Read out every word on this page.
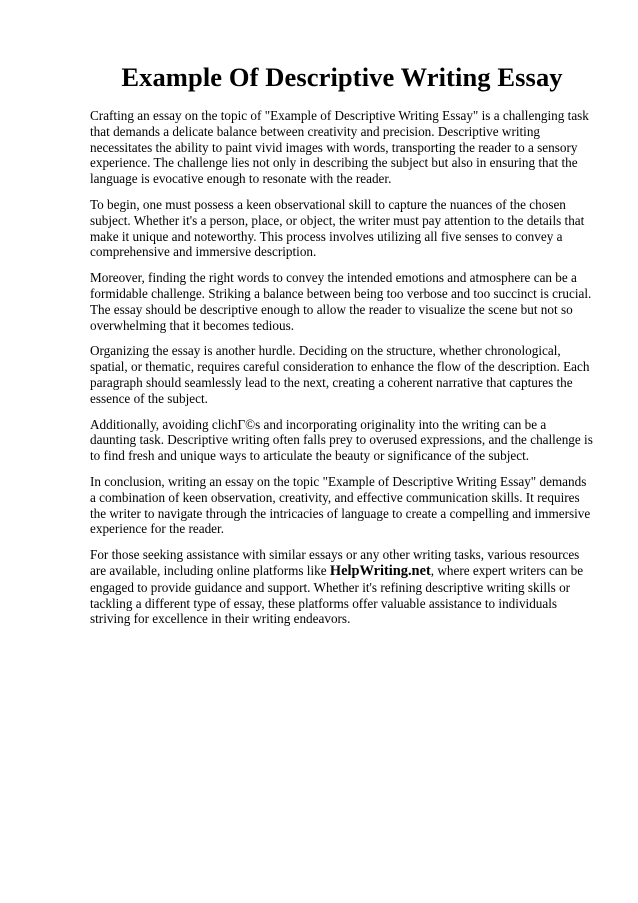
Example Of Descriptive Writing Essay

Crafting an essay on the topic of "Example of Descriptive Writing Essay" is a challenging task that demands a delicate balance between creativity and precision. Descriptive writing necessitates the ability to paint vivid images with words, transporting the reader to a sensory experience. The challenge lies not only in describing the subject but also in ensuring that the language is evocative enough to resonate with the reader.

To begin, one must possess a keen observational skill to capture the nuances of the chosen subject. Whether it's a person, place, or object, the writer must pay attention to the details that make it unique and noteworthy. This process involves utilizing all five senses to convey a comprehensive and immersive description.

Moreover, finding the right words to convey the intended emotions and atmosphere can be a formidable challenge. Striking a balance between being too verbose and too succinct is crucial. The essay should be descriptive enough to allow the reader to visualize the scene but not so overwhelming that it becomes tedious.

Organizing the essay is another hurdle. Deciding on the structure, whether chronological, spatial, or thematic, requires careful consideration to enhance the flow of the description. Each paragraph should seamlessly lead to the next, creating a coherent narrative that captures the essence of the subject.

Additionally, avoiding clichΓ©s and incorporating originality into the writing can be a daunting task. Descriptive writing often falls prey to overused expressions, and the challenge is to find fresh and unique ways to articulate the beauty or significance of the subject.

In conclusion, writing an essay on the topic "Example of Descriptive Writing Essay" demands a combination of keen observation, creativity, and effective communication skills. It requires the writer to navigate through the intricacies of language to create a compelling and immersive experience for the reader.

For those seeking assistance with similar essays or any other writing tasks, various resources are available, including online platforms like HelpWriting.net, where expert writers can be engaged to provide guidance and support. Whether it's refining descriptive writing skills or tackling a different type of essay, these platforms offer valuable assistance to individuals striving for excellence in their writing endeavors.
